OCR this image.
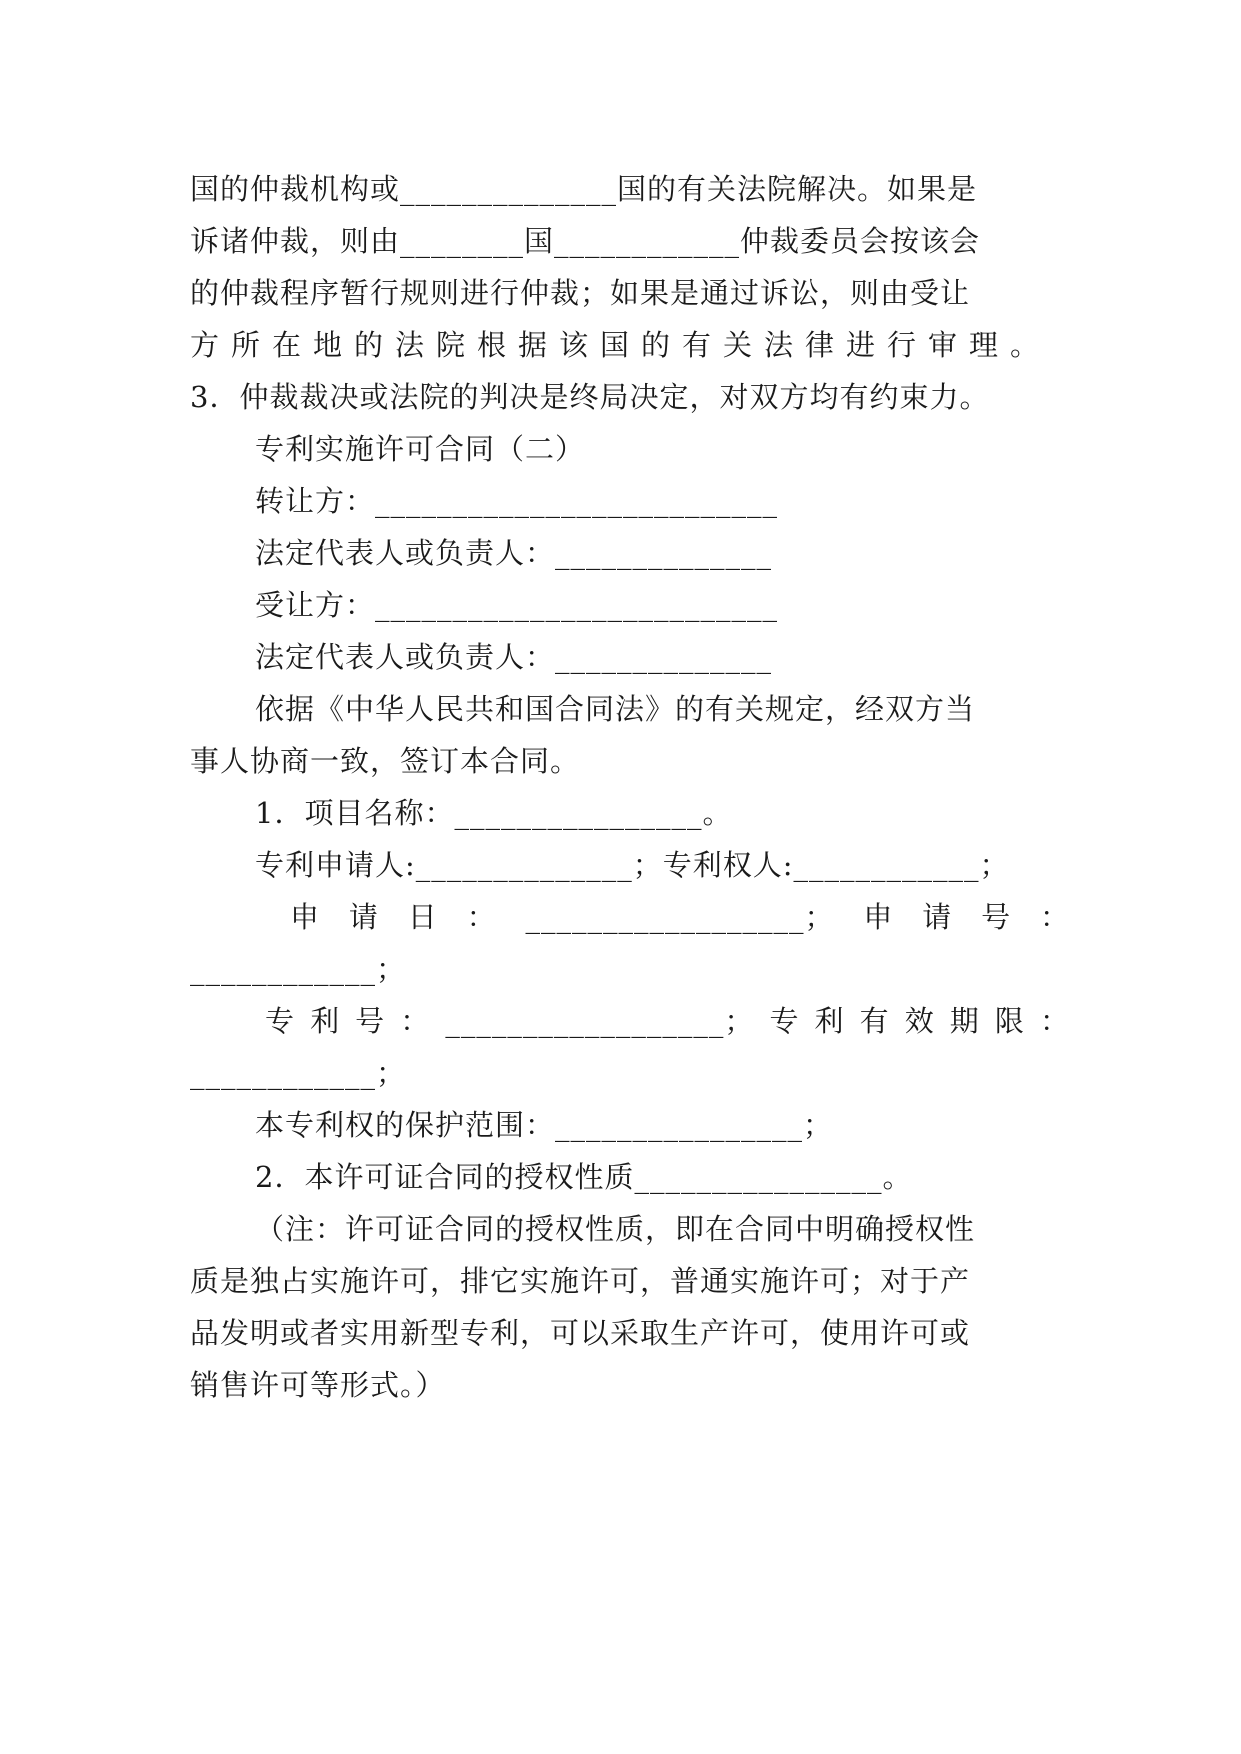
国的仲裁机构或______________国的有关法院解决。如果是
诉诸仲裁，则由________国____________仲裁委员会按该会
的仲裁程序暂行规则进行仲裁；如果是通过诉讼，则由受让
方所在地的法院根据该国的有关法律进行审理。
3．仲裁裁决或法院的判决是终局决定，对双方均有约束力。
专利实施许可合同（二）
转让方：__________________________
法定代表人或负责人：______________
受让方：__________________________
法定代表人或负责人：______________
依据《中华人民共和国合同法》的有关规定，经双方当
事人协商一致，签订本合同。
1．项目名称：________________。
专利申请人:______________；专利权人:____________；
申请日：__________________；申请号：
____________；
专利号：__________________；专利有效期限：
____________；
本专利权的保护范围：________________；
2．本许可证合同的授权性质________________。
（注：许可证合同的授权性质，即在合同中明确授权性
质是独占实施许可，排它实施许可，普通实施许可；对于产
品发明或者实用新型专利，可以采取生产许可，使用许可或
销售许可等形式。）
